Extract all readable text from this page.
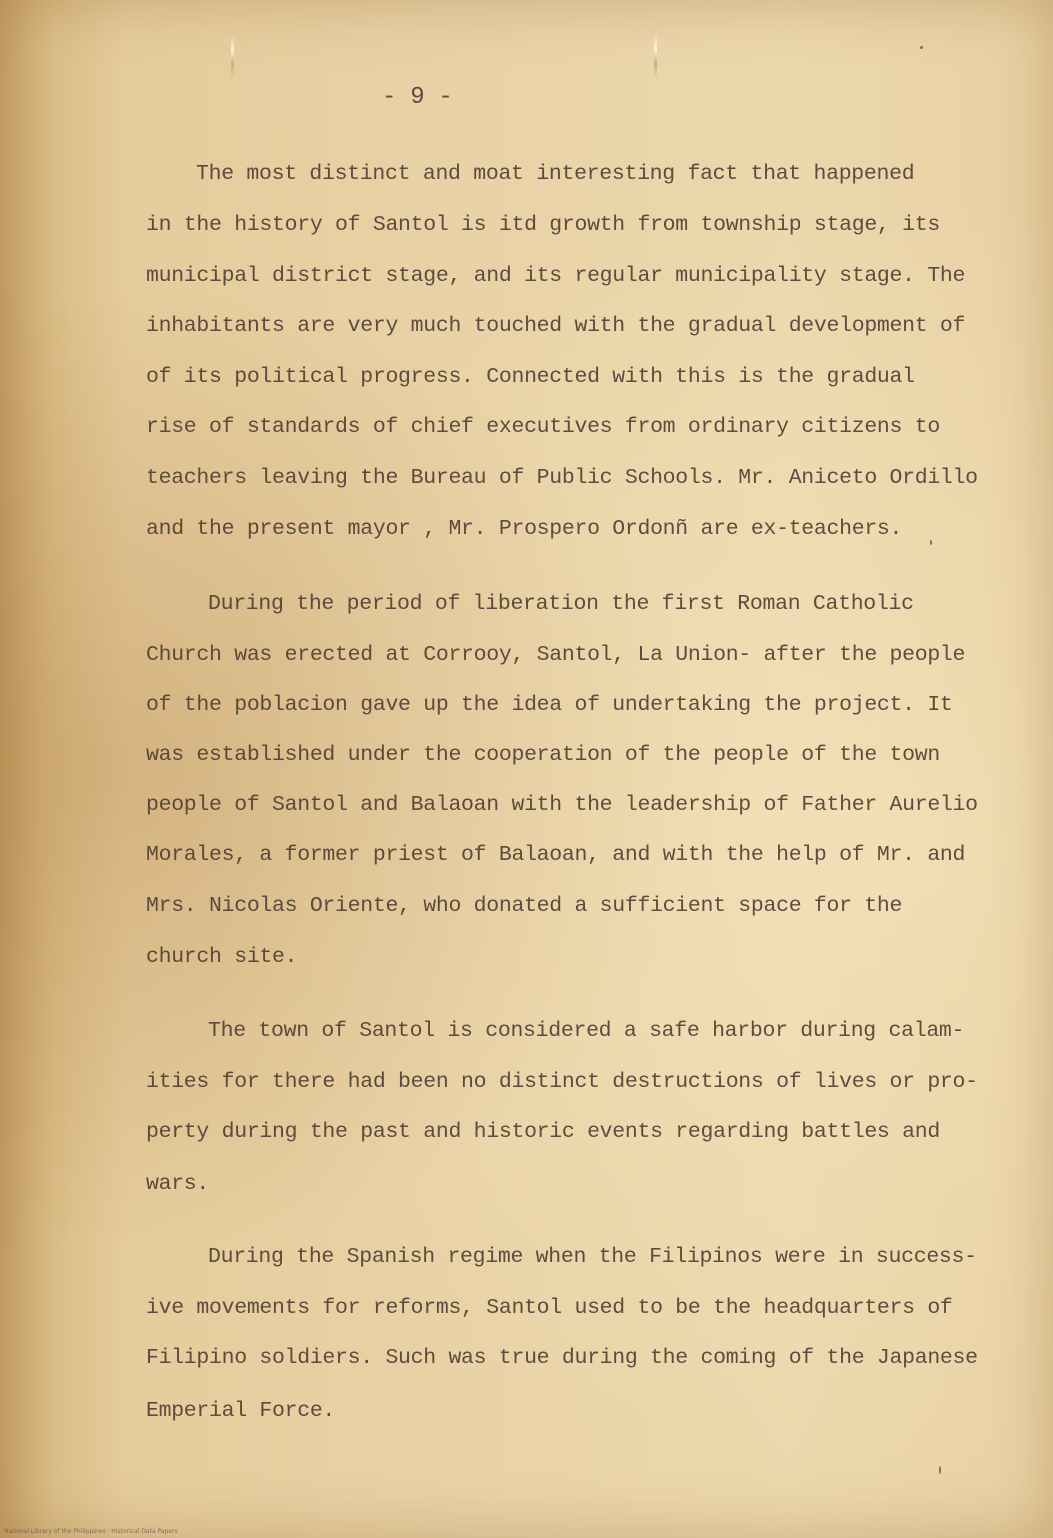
- 9 -
The most distinct and moat interesting fact that happened
in the history of Santol is itd growth from township stage, its
municipal district stage, and its regular municipality stage. The
inhabitants are very much touched with the gradual development of
of its political progress. Connected with this is the gradual
rise of standards of chief executives from ordinary citizens to
teachers leaving the Bureau of Public Schools. Mr. Aniceto Ordillo
and the present mayor , Mr. Prospero Ordonñ are ex-teachers.
During the period of liberation the first Roman Catholic
Church was erected at Corrooy, Santol, La Union- after the people
of the poblacion gave up the idea of undertaking the project. It
was established under the cooperation of the people of the town
people of Santol and Balaoan with the leadership of Father Aurelio
Morales, a former priest of Balaoan, and with the help of Mr. and
Mrs. Nicolas Oriente, who donated a sufficient space for the
church site.
The town of Santol is considered a safe harbor during calam-
ities for there had been no distinct destructions of lives or pro-
perty during the past and historic events regarding battles and
wars.
During the Spanish regime when the Filipinos were in success-
ive movements for reforms, Santol used to be the headquarters of
Filipino soldiers. Such was true during the coming of the Japanese
Emperial Force.
National Library of the Philippines · Historical Data Papers
